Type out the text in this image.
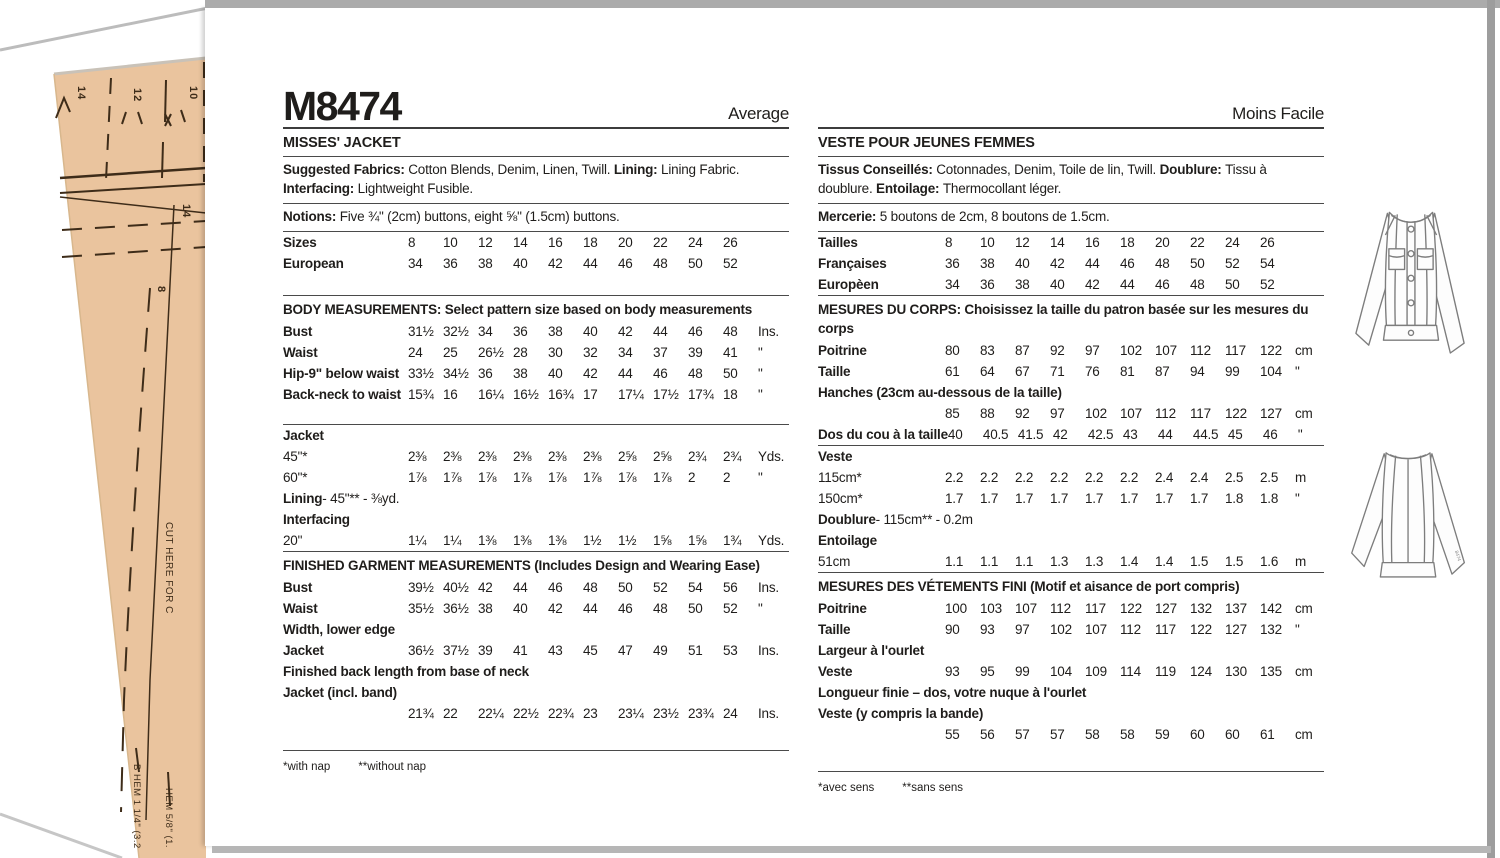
14	12	10
14
8
CUT HERE FOR C
B HEM 1 1/4" (3.2 HEM 5/8" (1.
M8474	Average
MISSES' JACKET
Suggested Fabrics: Cotton Blends, Denim, Linen, Twill. Lining: Lining Fabric. Interfacing: Lightweight Fusible.
Notions: Five ¾" (2cm) buttons, eight ⅝" (1.5cm) buttons.
Sizes	8	10	12	14	16	18	20	22	24	26
European	34	36	38	40	42	44	46	48	50	52
BODY MEASUREMENTS: Select pattern size based on body measurements
Bust	31½ 32½ 34	36	38	40	42	44	46	48	Ins.
Waist	24	25	26½ 28	30	32	34	37	39	41	"
Hip-9" below waist 33½ 34½ 36	38	40	42	44	46	48	50	"
Back-neck to waist 15¾ 16	16¼ 16½ 16¾ 17	17¼ 17½ 17¾ 18	"
Jacket
45"*	2⅜	2⅜	2⅜	2⅜	2⅜	2⅜	2⅝	2⅝	2¾	2¾	Yds.
60"*	1⅞	1⅞	1⅞	1⅞	1⅞	1⅞	1⅞	1⅞	2	2	"
Lining - 45"** - ⅜yd.
Interfacing
20"	1¼	1¼	1⅜	1⅜	1⅜	1½	1½	1⅝	1⅝	1¾	Yds.
FINISHED GARMENT MEASUREMENTS (Includes Design and Wearing Ease)
Bust	39½ 40½ 42	44	46	48	50	52	54	56	Ins.
Waist	35½ 36½ 38	40	42	44	46	48	50	52	"
Width, lower edge
Jacket	36½ 37½ 39	41	43	45	47	49	51	53	Ins.
Finished back length from base of neck
Jacket (incl. band)
21¾ 22	22¼ 22½ 22¾ 23	23¼ 23½ 23¾ 24	Ins.
*with nap **without nap
Moins Facile
VESTE POUR JEUNES FEMMES
Tissus Conseillés: Cotonnades, Denim, Toile de lin, Twill. Doublure: Tissu à doublure. Entoilage: Thermocollant léger.
Mercerie: 5 boutons de 2cm, 8 boutons de 1.5cm.
Tailles	8	10	12	14	16	18	20	22	24	26
Françaises	36	38	40	42	44	46	48	50	52	54
Europèen	34	36	38	40	42	44	46	48	50	52
MESURES DU CORPS: Choisissez la taille du patron basée sur les mesures du corps
Poitrine	80	83	87	92	97	102 107 112	117	122 cm
Taille	61	64	67	71	76	81	87	94	99	104 "
Hanches (23cm au-dessous de la taille)
85	88	92	97	102 107 112	117	122 127 cm
Dos du cou à la taille 40	40.5 41.5 42	42.5 43	44	44.5 45	46	"
Veste
115cm*	2.2	2.2	2.2	2.2	2.2	2.2	2.4	2.4	2.5	2.5	m
150cm*	1.7	1.7	1.7	1.7	1.7	1.7	1.7	1.7	1.8	1.8	"
Doublure - 115cm** - 0.2m
Entoilage
51cm	1.1	1.1	1.1	1.3	1.3	1.4	1.4	1.5	1.5	1.6	m
MESURES DES VÉTEMENTS FINI (Motif et aisance de port compris)
Poitrine	100 103 107 112	117	122 127 132 137 142 cm
Taille	90	93	97	102 107 112	117	122 127 132 "
Largeur à l'ourlet
Veste	93	95	99	104 109 114	119	124 130 135 cm
Longueur finie – dos, votre nuque à l'ourlet
Veste (y compris la bande)
55	56	57	57	58	58	59	60	60	61	cm
*avec sens **sans sens
8474
